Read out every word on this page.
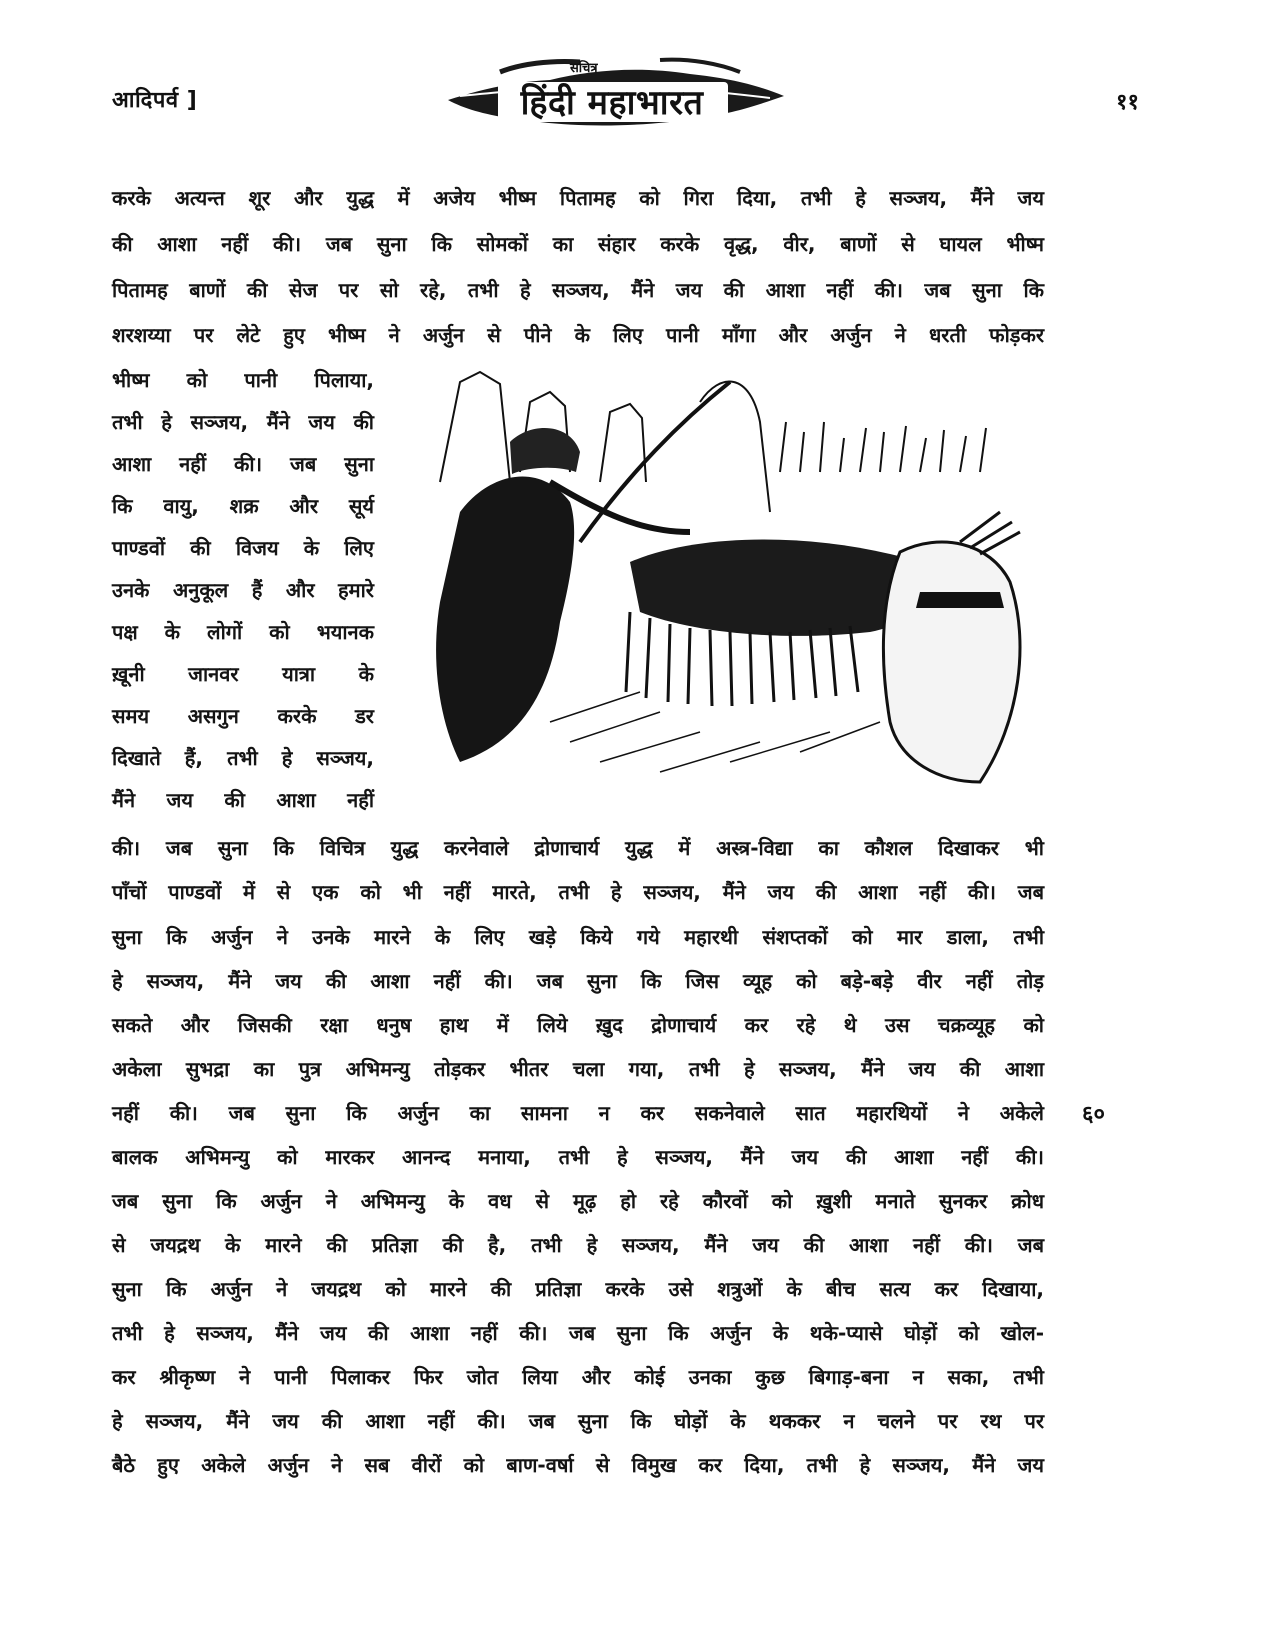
आदिपर्व ]
सचित्र
हिंदी महाभारत	११
करके अत्यन्त शूर और युद्ध में अजेय भीष्म पितामह को गिरा दिया, तभी हे सञ्जय, मैंने जय
की आशा नहीं की। जब सुना कि सोमकों का संहार करके वृद्ध, वीर, बाणों से घायल भीष्म
पितामह बाणों की सेज पर सो रहे, तभी हे सञ्जय, मैंने जय की आशा नहीं की। जब सुना कि
शरशय्या पर लेटे हुए भीष्म ने अर्जुन से पीने के लिए पानी माँगा और अर्जुन ने धरती फोड़कर
भीष्म को पानी पिलाया,
तभी हे सञ्जय, मैंने जय की
आशा नहीं की। जब सुना
कि वायु, शक्र और सूर्य
पाण्डवों की विजय के लिए
उनके अनुकूल हैं और हमारे
पक्ष के लोगों को भयानक
ख़ूनी जानवर यात्रा के
समय असगुन करके डर
दिखाते हैं, तभी हे सञ्जय,
मैंने जय की आशा नहीं
की। जब सुना कि विचित्र युद्ध करनेवाले द्रोणाचार्य युद्ध में अस्त्र-विद्या का कौशल दिखाकर भी
पाँचों पाण्डवों में से एक को भी नहीं मारते, तभी हे सञ्जय, मैंने जय की आशा नहीं की। जब
सुना कि अर्जुन ने उनके मारने के लिए खड़े किये गये महारथी संशप्तकों को मार डाला, तभी
हे सञ्जय, मैंने जय की आशा नहीं की। जब सुना कि जिस व्यूह को बड़े-बड़े वीर नहीं तोड़
सकते और जिसकी रक्षा धनुष हाथ में लिये ख़ुद द्रोणाचार्य कर रहे थे उस चक्रव्यूह को
अकेला सुभद्रा का पुत्र अभिमन्यु तोड़कर भीतर चला गया, तभी हे सञ्जय, मैंने जय की आशा
नहीं की। जब सुना कि अर्जुन का सामना न कर सकनेवाले सात महारथियों ने अकेले
बालक अभिमन्यु को मारकर आनन्द मनाया, तभी हे सञ्जय, मैंने जय की आशा नहीं की।
जब सुना कि अर्जुन ने अभिमन्यु के वध से मूढ़ हो रहे कौरवों को ख़ुशी मनाते सुनकर क्रोध
से जयद्रथ के मारने की प्रतिज्ञा की है, तभी हे सञ्जय, मैंने जय की आशा नहीं की। जब
सुना कि अर्जुन ने जयद्रथ को मारने की प्रतिज्ञा करके उसे शत्रुओं के बीच सत्य कर दिखाया,
तभी हे सञ्जय, मैंने जय की आशा नहीं की। जब सुना कि अर्जुन के थके-प्यासे घोड़ों को खोल-
कर श्रीकृष्ण ने पानी पिलाकर फिर जोत लिया और कोई उनका कुछ बिगाड़-बना न सका, तभी
हे सञ्जय, मैंने जय की आशा नहीं की। जब सुना कि घोड़ों के थककर न चलने पर रथ पर
बैठे हुए अकेले अर्जुन ने सब वीरों को बाण-वर्षा से विमुख कर दिया, तभी हे सञ्जय, मैंने जय
६०
